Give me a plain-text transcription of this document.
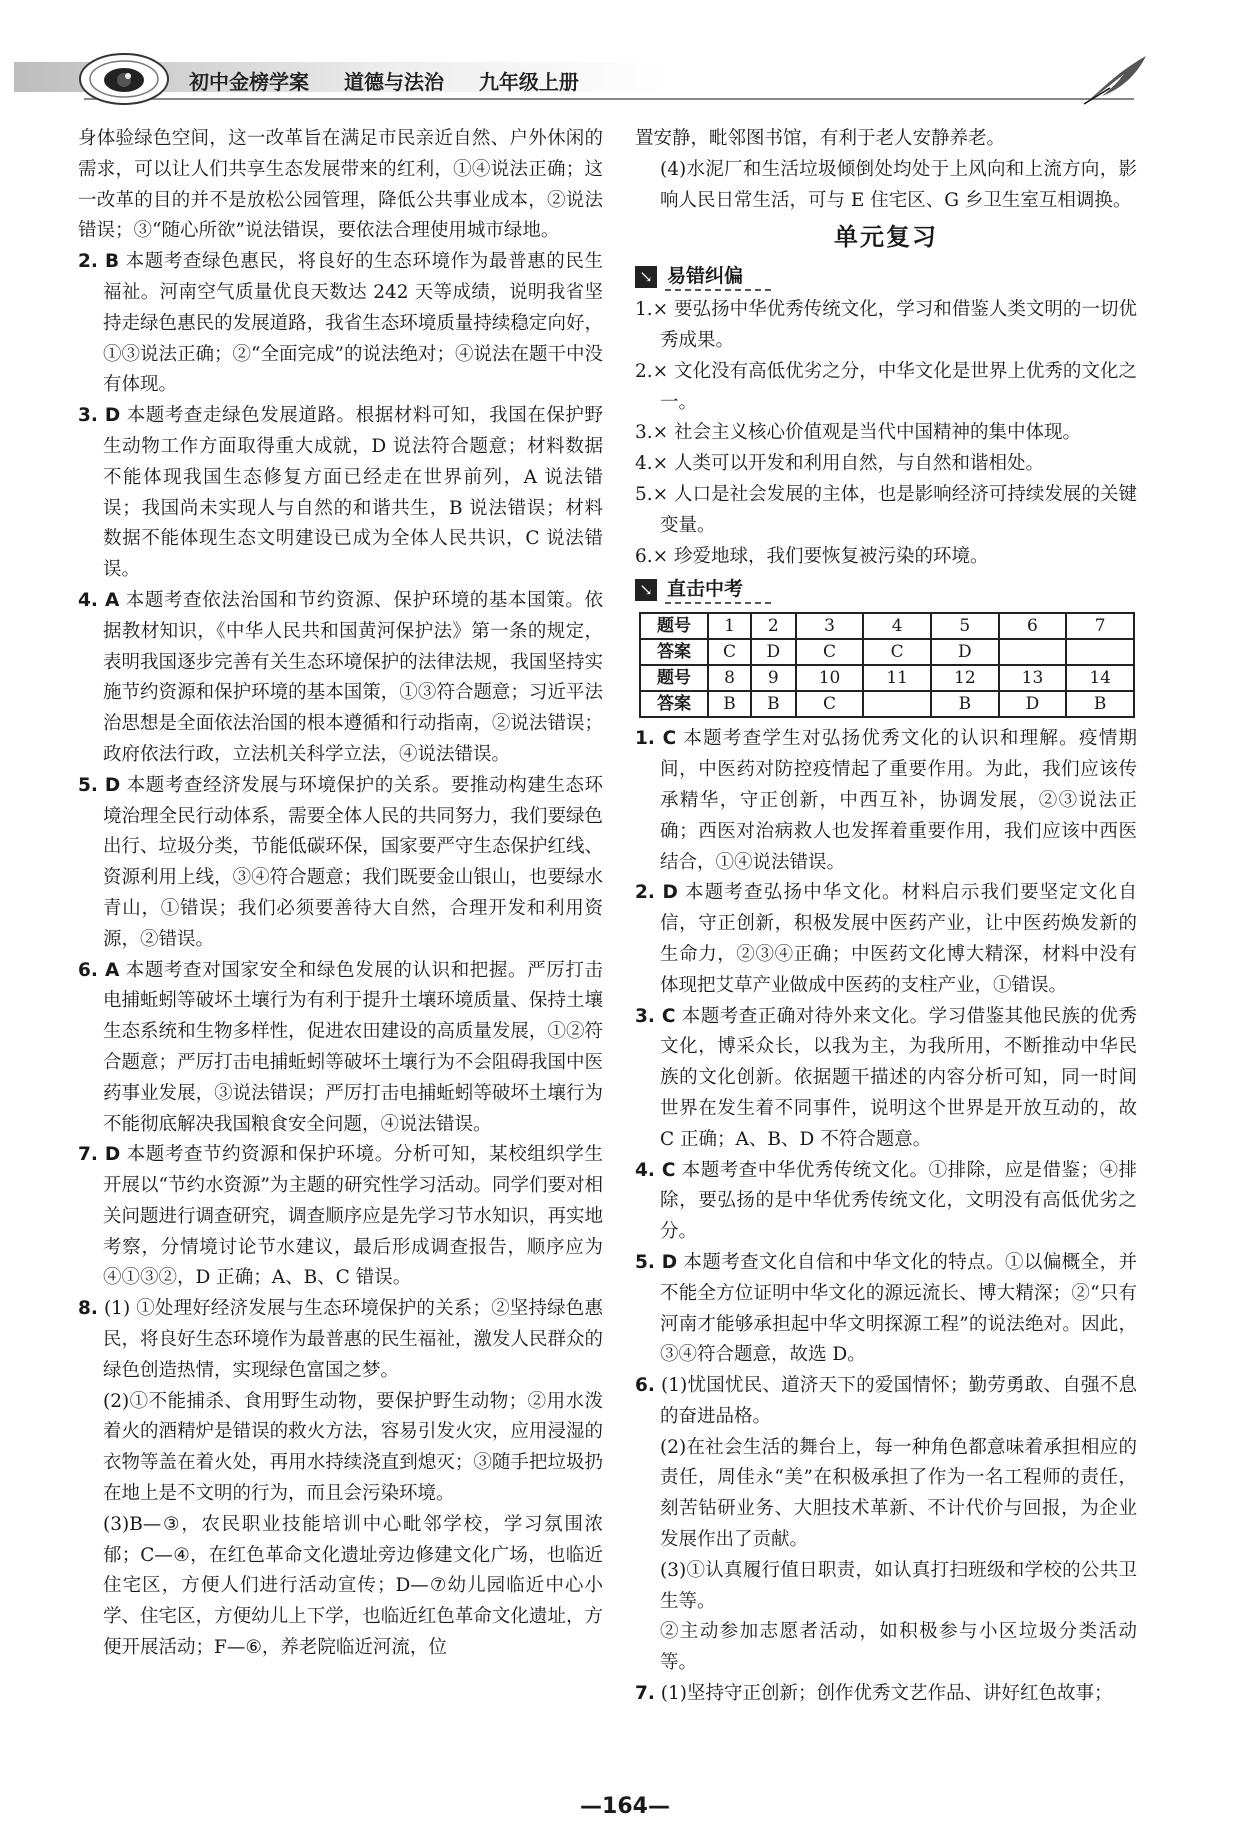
初中金榜学案 道德与法治 九年级上册

身体验绿色空间，这一改革旨在满足市民亲近自然、户外休闲的需求，可以让人们共享生态发展带来的红利，①④说法正确；这一改革的目的并不是放松公园管理，降低公共事业成本，②说法错误；③“随心所欲”说法错误，要依法合理使用城市绿地。

2. B 本题考查绿色惠民，将良好的生态环境作为最普惠的民生福祉。河南空气质量优良天数达 242 天等成绩，说明我省坚持走绿色惠民的发展道路，我省生态环境质量持续稳定向好，①③说法正确；②“全面完成”的说法绝对；④说法在题干中没有体现。

3. D 本题考查走绿色发展道路。根据材料可知，我国在保护野生动物工作方面取得重大成就，D 说法符合题意；材料数据不能体现我国生态修复方面已经走在世界前列，A 说法错误；我国尚未实现人与自然的和谐共生，B 说法错误；材料数据不能体现生态文明建设已成为全体人民共识，C 说法错误。

4. A 本题考查依法治国和节约资源、保护环境的基本国策。依据教材知识，《中华人民共和国黄河保护法》第一条的规定，表明我国逐步完善有关生态环境保护的法律法规，我国坚持实施节约资源和保护环境的基本国策，①③符合题意；习近平法治思想是全面依法治国的根本遵循和行动指南，②说法错误；政府依法行政，立法机关科学立法，④说法错误。

5. D 本题考查经济发展与环境保护的关系。要推动构建生态环境治理全民行动体系，需要全体人民的共同努力，我们要绿色出行、垃圾分类，节能低碳环保，国家要严守生态保护红线、资源利用上线，③④符合题意；我们既要金山银山，也要绿水青山，①错误；我们必须要善待大自然，合理开发和利用资源，②错误。

6. A 本题考查对国家安全和绿色发展的认识和把握。严厉打击电捕蚯蚓等破坏土壤行为有利于提升土壤环境质量、保持土壤生态系统和生物多样性，促进农田建设的高质量发展，①②符合题意；严厉打击电捕蚯蚓等破坏土壤行为不会阻碍我国中医药事业发展，③说法错误；严厉打击电捕蚯蚓等破坏土壤行为不能彻底解决我国粮食安全问题，④说法错误。

7. D 本题考查节约资源和保护环境。分析可知，某校组织学生开展以“节约水资源”为主题的研究性学习活动。同学们要对相关问题进行调查研究，调查顺序应是先学习节水知识，再实地考察，分情境讨论节水建议，最后形成调查报告，顺序应为④①③②，D 正确；A、B、C 错误。

8. (1) ①处理好经济发展与生态环境保护的关系；②坚持绿色惠民，将良好生态环境作为最普惠的民生福祉，激发人民群众的绿色创造热情，实现绿色富国之梦。

(2)①不能捕杀、食用野生动物，要保护野生动物；②用水泼着火的酒精炉是错误的救火方法，容易引发火灾，应用浸湿的衣物等盖在着火处，再用水持续浇直到熄灭；③随手把垃圾扔在地上是不文明的行为，而且会污染环境。

(3)B—③，农民职业技能培训中心毗邻学校，学习氛围浓郁；C—④，在红色革命文化遗址旁边修建文化广场，也临近住宅区，方便人们进行活动宣传；D—⑦幼儿园临近中心小学、住宅区，方便幼儿上下学，也临近红色革命文化遗址，方便开展活动；F—⑥，养老院临近河流，位

置安静，毗邻图书馆，有利于老人安静养老。

(4)水泥厂和生活垃圾倾倒处均处于上风向和上流方向，影响人民日常生活，可与 E 住宅区、G 乡卫生室互相调换。

单元复习
↘ 易错纠偏

1.× 要弘扬中华优秀传统文化，学习和借鉴人类文明的一切优秀成果。

2.× 文化没有高低优劣之分，中华文化是世界上优秀的文化之一。

3.× 社会主义核心价值观是当代中国精神的集中体现。

4.× 人类可以开发和利用自然，与自然和谐相处。

5.× 人口是社会发展的主体，也是影响经济可持续发展的关键变量。

6.× 珍爱地球，我们要恢复被污染的环境。

↘ 直击中考
题号	1	2	3	4	5	6	7
答案	C	D	C	C	D		
题号	8	9	10	11	12	13	14
答案	B	B	C		B	D	B

1. C 本题考查学生对弘扬优秀文化的认识和理解。疫情期间，中医药对防控疫情起了重要作用。为此，我们应该传承精华，守正创新，中西互补，协调发展，②③说法正确；西医对治病救人也发挥着重要作用，我们应该中西医结合，①④说法错误。

2. D 本题考查弘扬中华文化。材料启示我们要坚定文化自信，守正创新，积极发展中医药产业，让中医药焕发新的生命力，②③④正确；中医药文化博大精深，材料中没有体现把艾草产业做成中医药的支柱产业，①错误。

3. C 本题考查正确对待外来文化。学习借鉴其他民族的优秀文化，博采众长，以我为主，为我所用，不断推动中华民族的文化创新。依据题干描述的内容分析可知，同一时间世界在发生着不同事件，说明这个世界是开放互动的，故 C 正确；A、B、D 不符合题意。

4. C 本题考查中华优秀传统文化。①排除，应是借鉴；④排除，要弘扬的是中华优秀传统文化，文明没有高低优劣之分。

5. D 本题考查文化自信和中华文化的特点。①以偏概全，并不能全方位证明中华文化的源远流长、博大精深；②“只有河南才能够承担起中华文明探源工程”的说法绝对。因此，③④符合题意，故选 D。

6. (1)忧国忧民、道济天下的爱国情怀；勤劳勇敢、自强不息的奋进品格。

(2)在社会生活的舞台上，每一种角色都意味着承担相应的责任，周佳永“美”在积极承担了作为一名工程师的责任，刻苦钻研业务、大胆技术革新、不计代价与回报，为企业发展作出了贡献。

(3)①认真履行值日职责，如认真打扫班级和学校的公共卫生等。

②主动参加志愿者活动，如积极参与小区垃圾分类活动等。

7. (1)坚持守正创新；创作优秀文艺作品、讲好红色故事；

—164—
